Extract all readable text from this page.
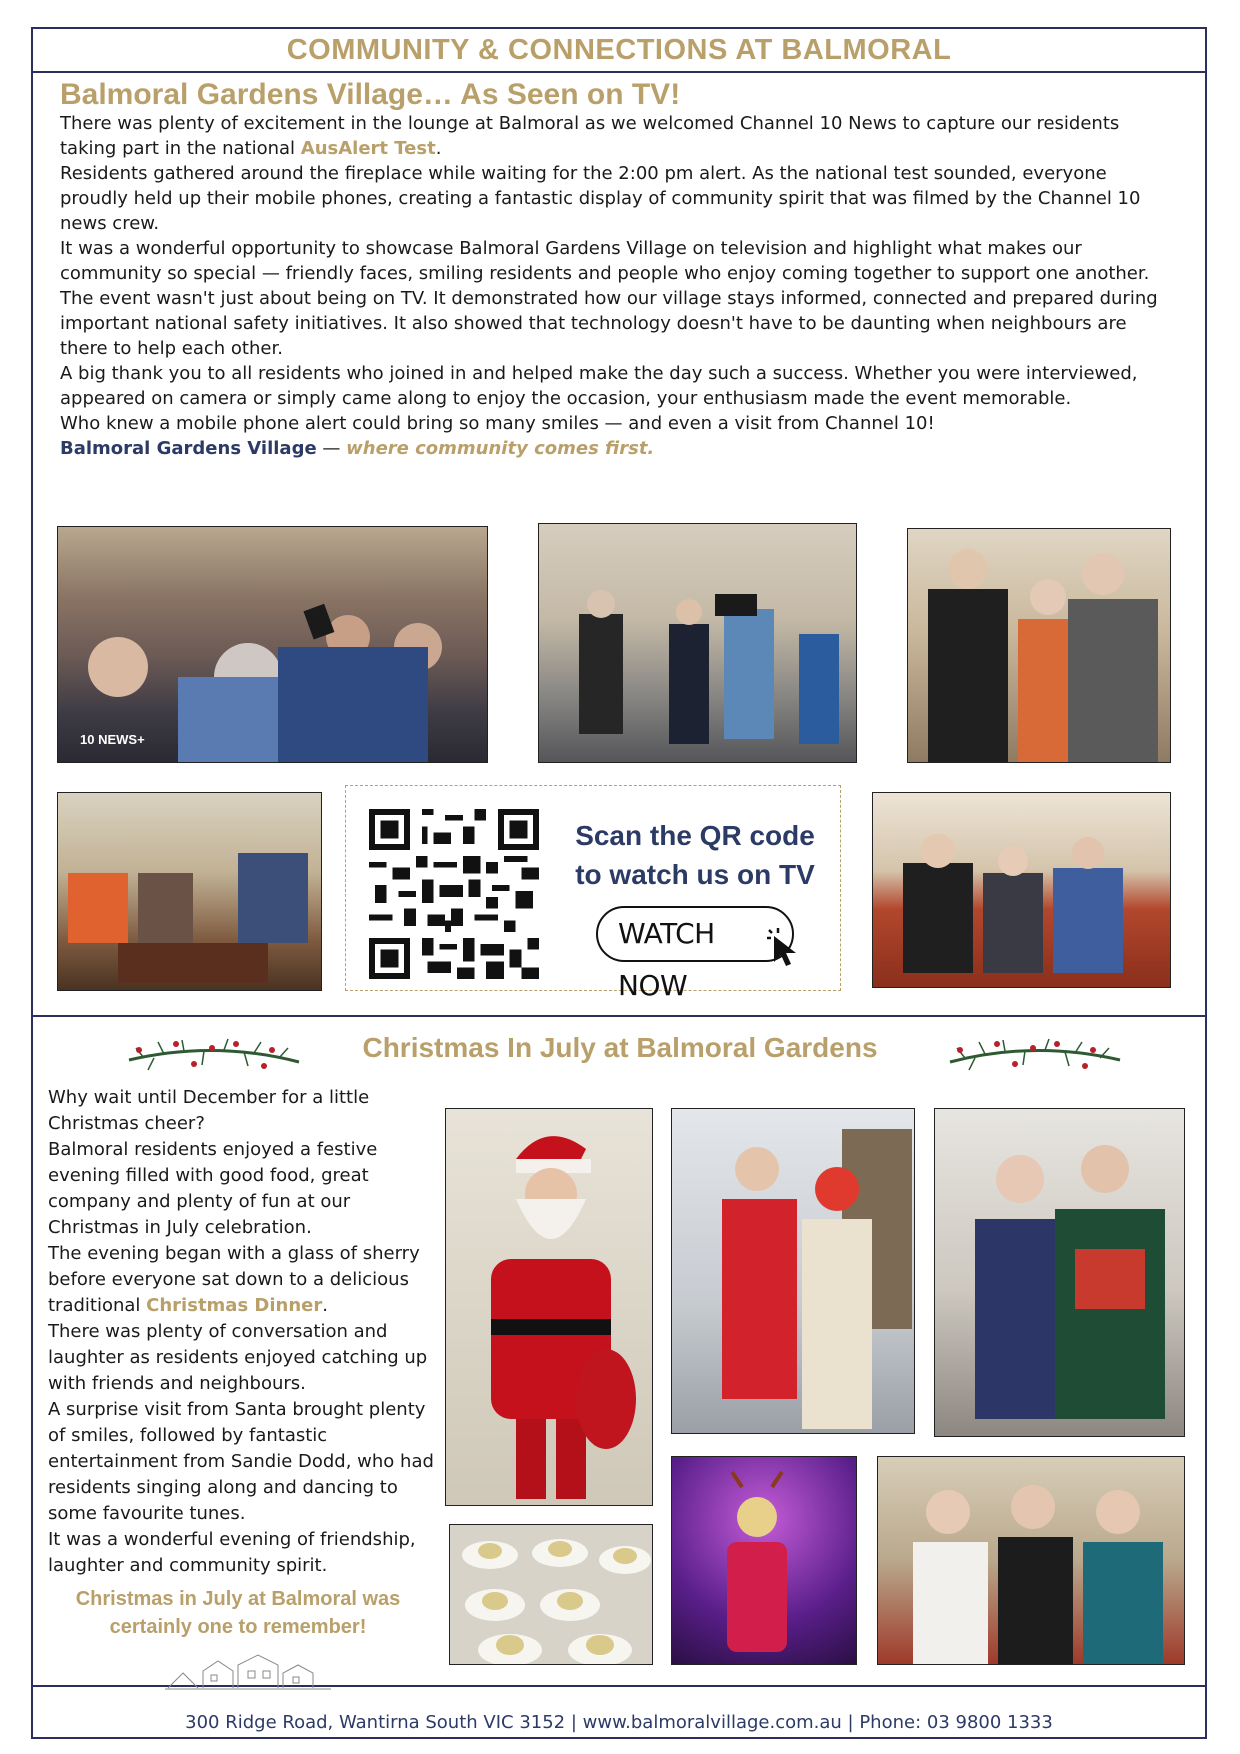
COMMUNITY & CONNECTIONS AT BALMORAL
Balmoral Gardens Village… As Seen on TV!

There was plenty of excitement in the lounge at Balmoral as we welcomed Channel 10 News to capture our residents taking part in the national AusAlert Test.

Residents gathered around the fireplace while waiting for the 2:00 pm alert. As the national test sounded, everyone proudly held up their mobile phones, creating a fantastic display of community spirit that was filmed by the Channel 10 news crew.

It was a wonderful opportunity to showcase Balmoral Gardens Village on television and highlight what makes our community so special — friendly faces, smiling residents and people who enjoy coming together to support one another.

The event wasn't just about being on TV. It demonstrated how our village stays informed, connected and prepared during important national safety initiatives. It also showed that technology doesn't have to be daunting when neighbours are there to help each other.

A big thank you to all residents who joined in and helped make the day such a success. Whether you were interviewed, appeared on camera or simply came along to enjoy the occasion, your enthusiasm made the event memorable.

Who knew a mobile phone alert could bring so many smiles — and even a visit from Channel 10!

Balmoral Gardens Village — where community comes first.

10 NEWS+
Scan the QR code
to watch us on TV
WATCH NOW
Christmas In July at Balmoral Gardens

Why wait until December for a little Christmas cheer?

Balmoral residents enjoyed a festive evening filled with good food, great company and plenty of fun at our Christmas in July celebration.

The evening began with a glass of sherry before everyone sat down to a delicious traditional Christmas Dinner.

There was plenty of conversation and laughter as residents enjoyed catching up with friends and neighbours.

A surprise visit from Santa brought plenty of smiles, followed by fantastic entertainment from Sandie Dodd, who had residents singing along and dancing to some favourite tunes.

It was a wonderful evening of friendship, laughter and community spirit.

Christmas in July at Balmoral was certainly one to remember!
300 Ridge Road, Wantirna South VIC 3152 | www.balmoralvillage.com.au | Phone: 03 9800 1333
